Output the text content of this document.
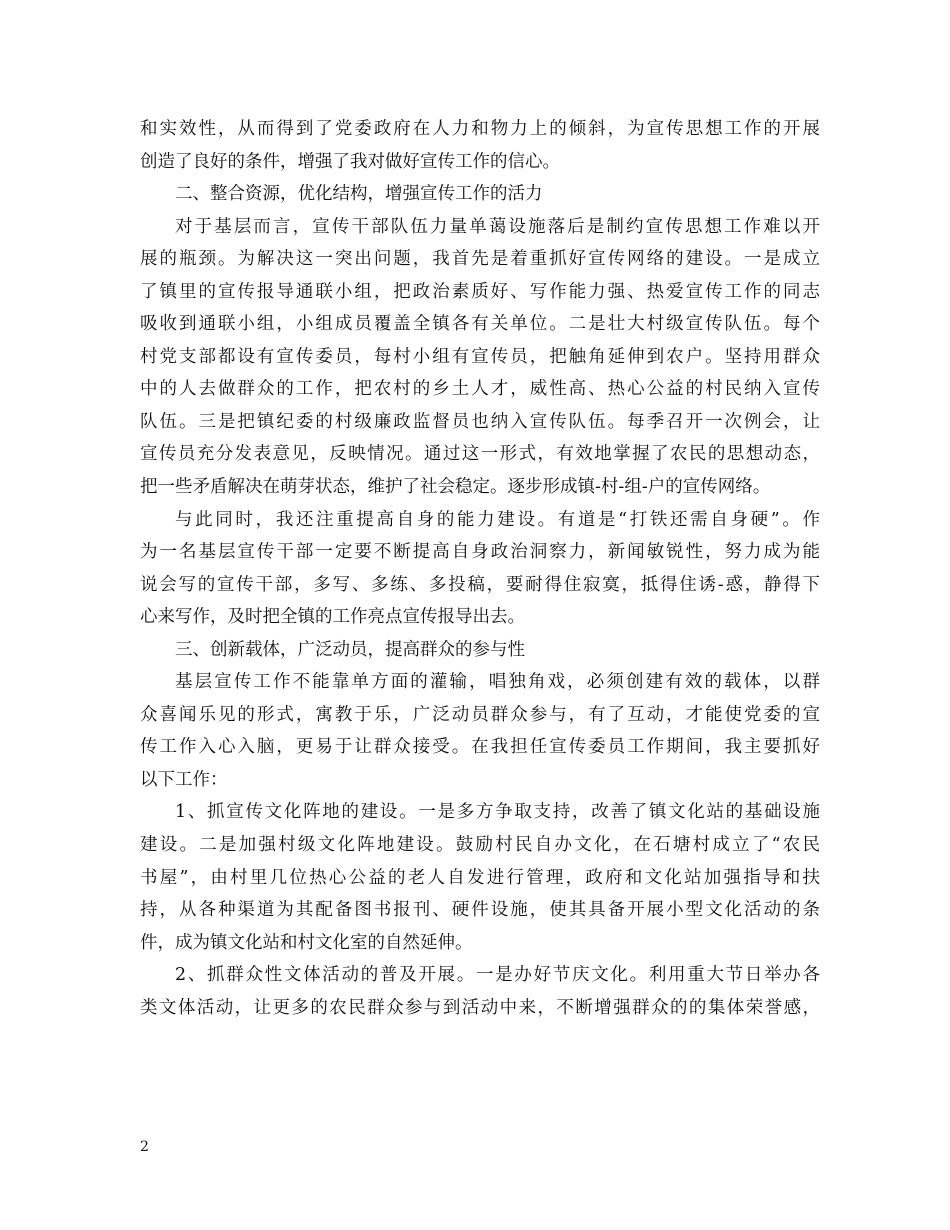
和实效性，从而得到了党委政府在人力和物力上的倾斜，为宣传思想工作的开展
创造了良好的条件，增强了我对做好宣传工作的信心。
二、整合资源，优化结构，增强宣传工作的活力
对于基层而言，宣传干部队伍力量单蔼设施落后是制约宣传思想工作难以开
展的瓶颈。为解决这一突出问题，我首先是着重抓好宣传网络的建设。一是成立
了镇里的宣传报导通联小组，把政治素质好、写作能力强、热爱宣传工作的同志
吸收到通联小组，小组成员覆盖全镇各有关单位。二是壮大村级宣传队伍。每个
村党支部都设有宣传委员，每村小组有宣传员，把触角延伸到农户。坚持用群众
中的人去做群众的工作，把农村的乡土人才，威性高、热心公益的村民纳入宣传
队伍。三是把镇纪委的村级廉政监督员也纳入宣传队伍。每季召开一次例会，让
宣传员充分发表意见，反映情况。通过这一形式，有效地掌握了农民的思想动态，
把一些矛盾解决在萌芽状态，维护了社会稳定。逐步形成镇-村-组-户的宣传网络。
与此同时，我还注重提高自身的能力建设。有道是“打铁还需自身硬”。作
为一名基层宣传干部一定要不断提高自身政治洞察力，新闻敏锐性，努力成为能
说会写的宣传干部，多写、多练、多投稿，要耐得住寂寞，抵得住诱-惑，静得下
心来写作，及时把全镇的工作亮点宣传报导出去。
三、创新载体，广泛动员，提高群众的参与性
基层宣传工作不能靠单方面的灌输，唱独角戏，必须创建有效的载体，以群
众喜闻乐见的形式，寓教于乐，广泛动员群众参与，有了互动，才能使党委的宣
传工作入心入脑，更易于让群众接受。在我担任宣传委员工作期间，我主要抓好
以下工作：
1、抓宣传文化阵地的建设。一是多方争取支持，改善了镇文化站的基础设施
建设。二是加强村级文化阵地建设。鼓励村民自办文化，在石塘村成立了“农民
书屋”，由村里几位热心公益的老人自发进行管理，政府和文化站加强指导和扶
持，从各种渠道为其配备图书报刊、硬件设施，使其具备开展小型文化活动的条
件，成为镇文化站和村文化室的自然延伸。
2、抓群众性文体活动的普及开展。一是办好节庆文化。利用重大节日举办各
类文体活动，让更多的农民群众参与到活动中来，不断增强群众的的集体荣誉感，
2
